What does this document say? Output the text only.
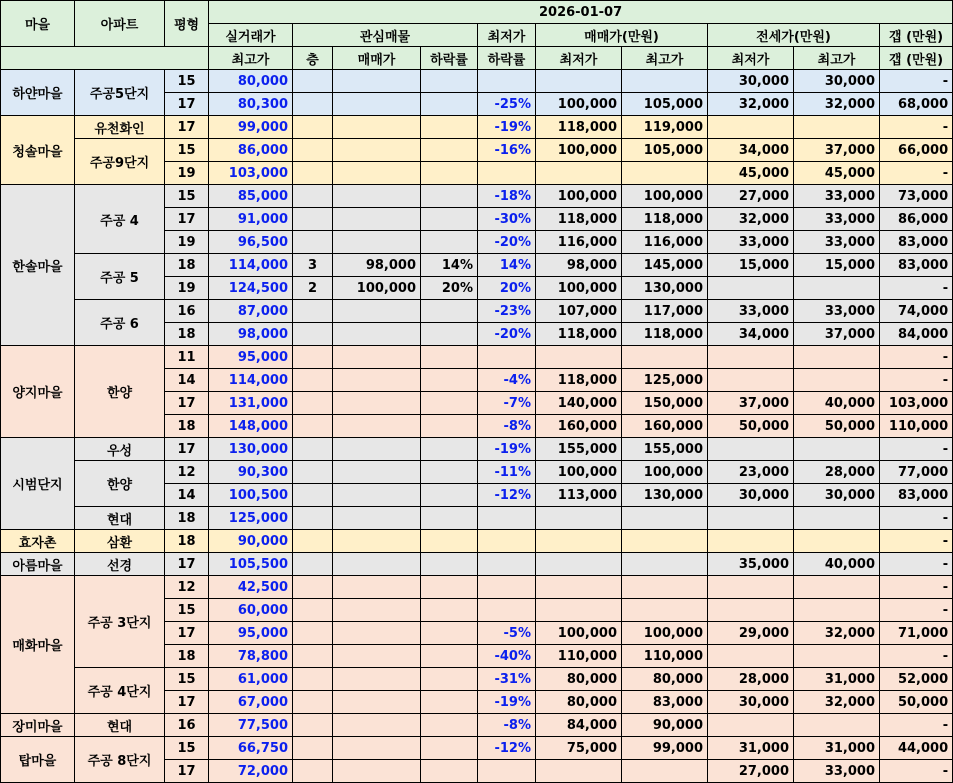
마을	아파트	평형	2026-01-07									
			실거래가	관심매물			최저가	매매가(만원)		전세가(만원)		갭 (만원)
			최고가	층	매매가	하락률	하락률	최저가	최고가	최저가	최고가	갭 (만원)
하얀마을	주공5단지	15	80,000							30,000	30,000	-
		17	80,300				-25%	100,000	105,000	32,000	32,000	68,000
청솔마을	유천화인	17	99,000				-19%	118,000	119,000			-
	주공9단지	15	86,000				-16%	100,000	105,000	34,000	37,000	66,000
		19	103,000							45,000	45,000	-
한솔마을	주공 4	15	85,000				-18%	100,000	100,000	27,000	33,000	73,000
		17	91,000				-30%	118,000	118,000	32,000	33,000	86,000
		19	96,500				-20%	116,000	116,000	33,000	33,000	83,000
	주공 5	18	114,000	3	98,000	14%	14%	98,000	145,000	15,000	15,000	83,000
		19	124,500	2	100,000	20%	20%	100,000	130,000			-
	주공 6	16	87,000				-23%	107,000	117,000	33,000	33,000	74,000
		18	98,000				-20%	118,000	118,000	34,000	37,000	84,000
양지마을	한양	11	95,000									-
		14	114,000				-4%	118,000	125,000			-
		17	131,000				-7%	140,000	150,000	37,000	40,000	103,000
		18	148,000				-8%	160,000	160,000	50,000	50,000	110,000
시범단지	우성	17	130,000				-19%	155,000	155,000			-
	한양	12	90,300				-11%	100,000	100,000	23,000	28,000	77,000
		14	100,500				-12%	113,000	130,000	30,000	30,000	83,000
	현대	18	125,000									-
효자촌	삼환	18	90,000									-
아름마을	선경	17	105,500							35,000	40,000	-
매화마을	주공 3단지	12	42,500									-
		15	60,000									-
		17	95,000				-5%	100,000	100,000	29,000	32,000	71,000
		18	78,800				-40%	110,000	110,000			-
	주공 4단지	15	61,000				-31%	80,000	80,000	28,000	31,000	52,000
		17	67,000				-19%	80,000	83,000	30,000	32,000	50,000
장미마을	현대	16	77,500				-8%	84,000	90,000			-
탑마을	주공 8단지	15	66,750				-12%	75,000	99,000	31,000	31,000	44,000
		17	72,000							27,000	33,000	-
